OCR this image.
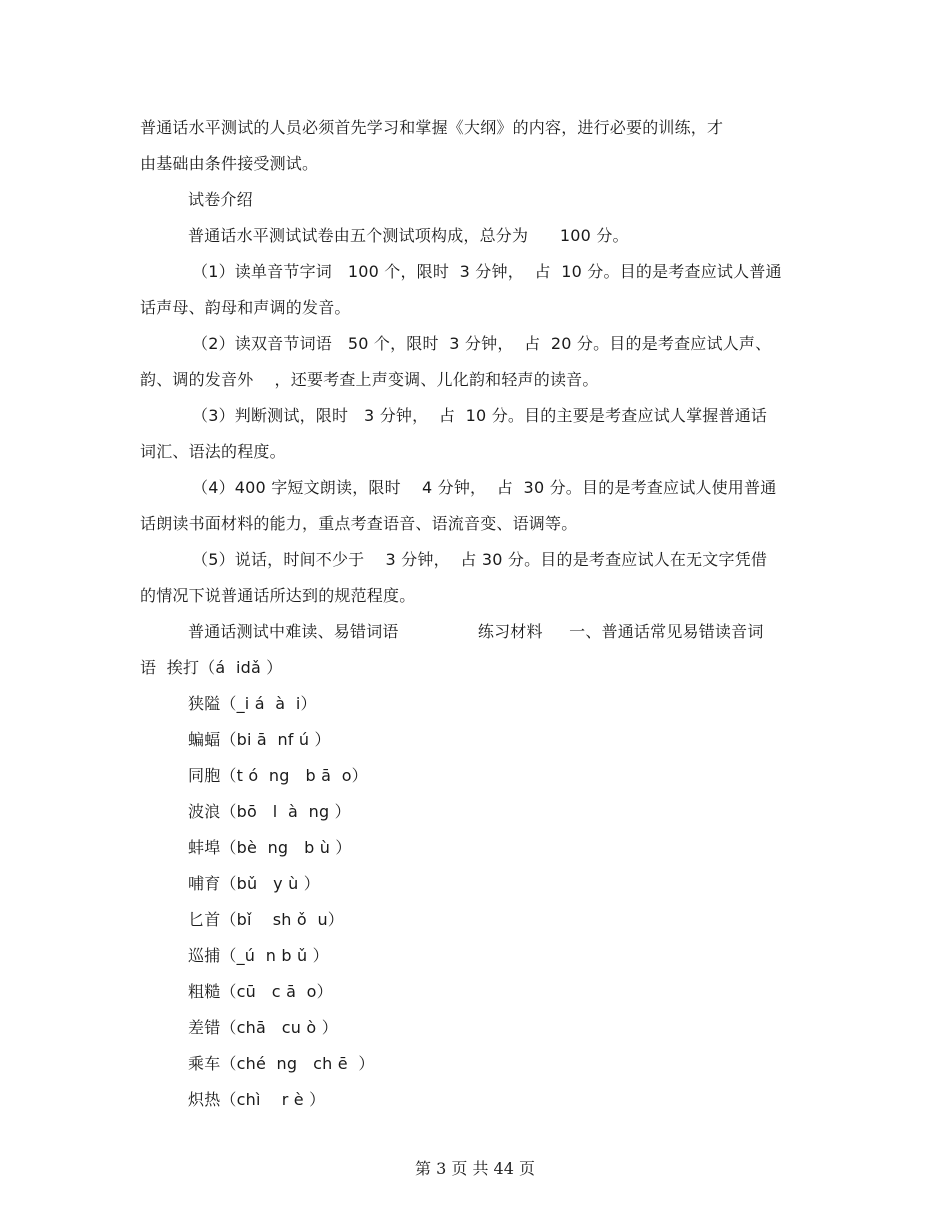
普通话水平测试的人员必须首先学习和掌握《大纲》的内容，进行必要的训练，才
由基础由条件接受测试。
试卷介绍
普通话水平测试试卷由五个测试项构成，总分为      100 分。
（1）读单音节字词   100 个，限时  3 分钟，  占  10 分。目的是考查应试人普通
话声母、韵母和声调的发音。
（2）读双音节词语   50 个，限时  3 分钟，  占  20 分。目的是考查应试人声、
韵、调的发音外    ，还要考查上声变调、儿化韵和轻声的读音。
（3）判断测试，限时   3 分钟，  占  10 分。目的主要是考查应试人掌握普通话
词汇、语法的程度。
（4）400 字短文朗读，限时    4 分钟，  占  30 分。目的是考查应试人使用普通
话朗读书面材料的能力，重点考查语音、语流音变、语调等。
（5）说话，时间不少于    3 分钟，  占 30 分。目的是考查应试人在无文字凭借
的情况下说普通话所达到的规范程度。
普通话测试中难读、易错词语               练习材料     一、普通话常见易错读音词
语  挨打（á  idǎ ）
狭隘（_i á  à  i）
蝙蝠（bi ā  nf ú ）
同胞（t ó  ng   b ā  o）
波浪（bō   l  à  ng ）
蚌埠（bè  ng   b ù ）
哺育（bǔ   y ù ）
匕首（bǐ    sh ǒ  u）
巡捕（_ú  n b ǔ ）
粗糙（cū   c ā  o）
差错（chā   cu ò ）
乘车（ché  ng   ch ē  ）
炽热（chì    r è ）
第 3 页 共 44 页
